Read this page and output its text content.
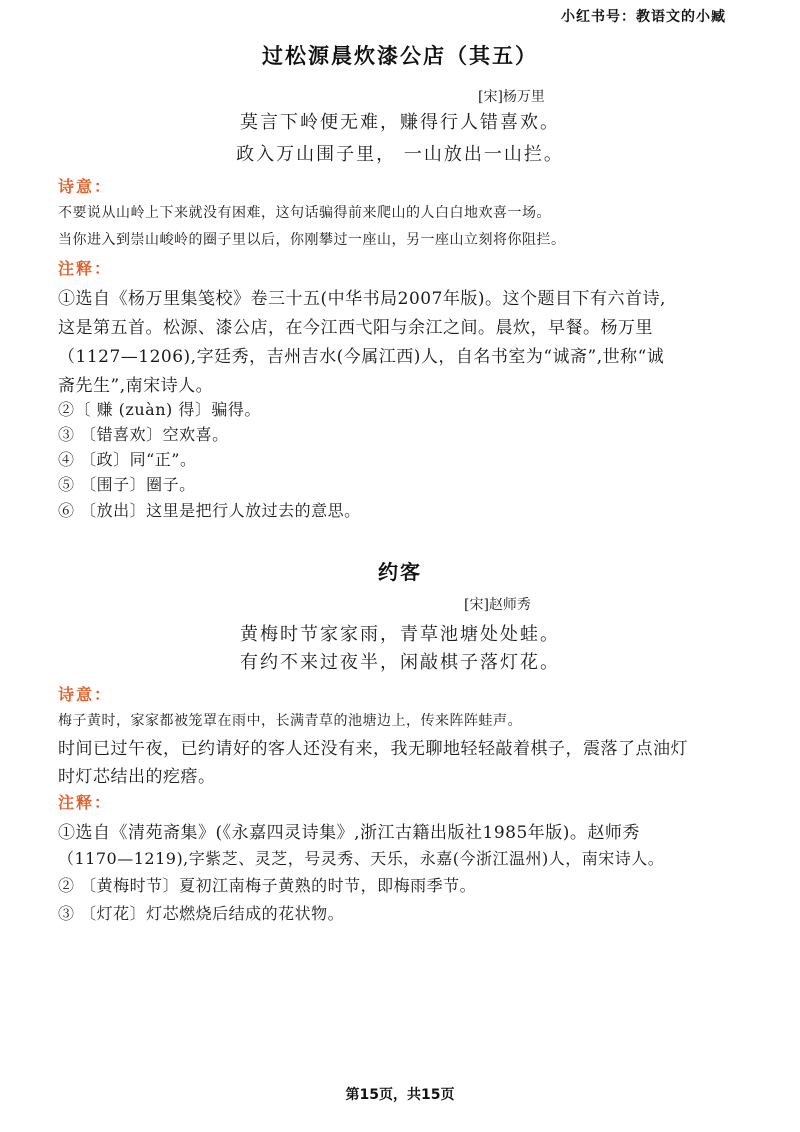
小红书号：教语文的小臧
过松源晨炊漆公店（其五）
[宋]杨万里
莫言下岭便无难，赚得行人错喜欢。
政入万山围子里， 一山放出一山拦。
诗意：
不要说从山岭上下来就没有困难，这句话骗得前来爬山的人白白地欢喜一场。
当你进入到崇山峻岭的圈子里以后，你刚攀过一座山，另一座山立刻将你阻拦。
注释：
①选自《杨万里集笺校》卷三十五(中华书局2007年版)。这个题目下有六首诗,
这是第五首。松源、漆公店，在今江西弋阳与余江之间。晨炊，早餐。杨万里
（1127—1206),字廷秀，吉州吉水(今属江西)人，自名书室为“诚斋”,世称“诚
斋先生”,南宋诗人。
②〔 赚 (zuàn) 得〕骗得。
③ 〔错喜欢〕空欢喜。
④ 〔政〕同“正”。
⑤ 〔围子〕圈子。
⑥ 〔放出〕这里是把行人放过去的意思。
约客
[宋]赵师秀
黄梅时节家家雨，青草池塘处处蛙。
有约不来过夜半，闲敲棋子落灯花。
诗意：
梅子黄时，家家都被笼罩在雨中，长满青草的池塘边上，传来阵阵蛙声。
时间已过午夜，已约请好的客人还没有来，我无聊地轻轻敲着棋子，震落了点油灯
时灯芯结出的疙瘩。
注释：
①选自《清苑斋集》(《永嘉四灵诗集》,浙江古籍出版社1985年版)。赵师秀
（1170—1219),字紫芝、灵芝，号灵秀、天乐，永嘉(今浙江温州)人，南宋诗人。
② 〔黄梅时节〕夏初江南梅子黄熟的时节，即梅雨季节。
③ 〔灯花〕灯芯燃烧后结成的花状物。
第15页，共15页
